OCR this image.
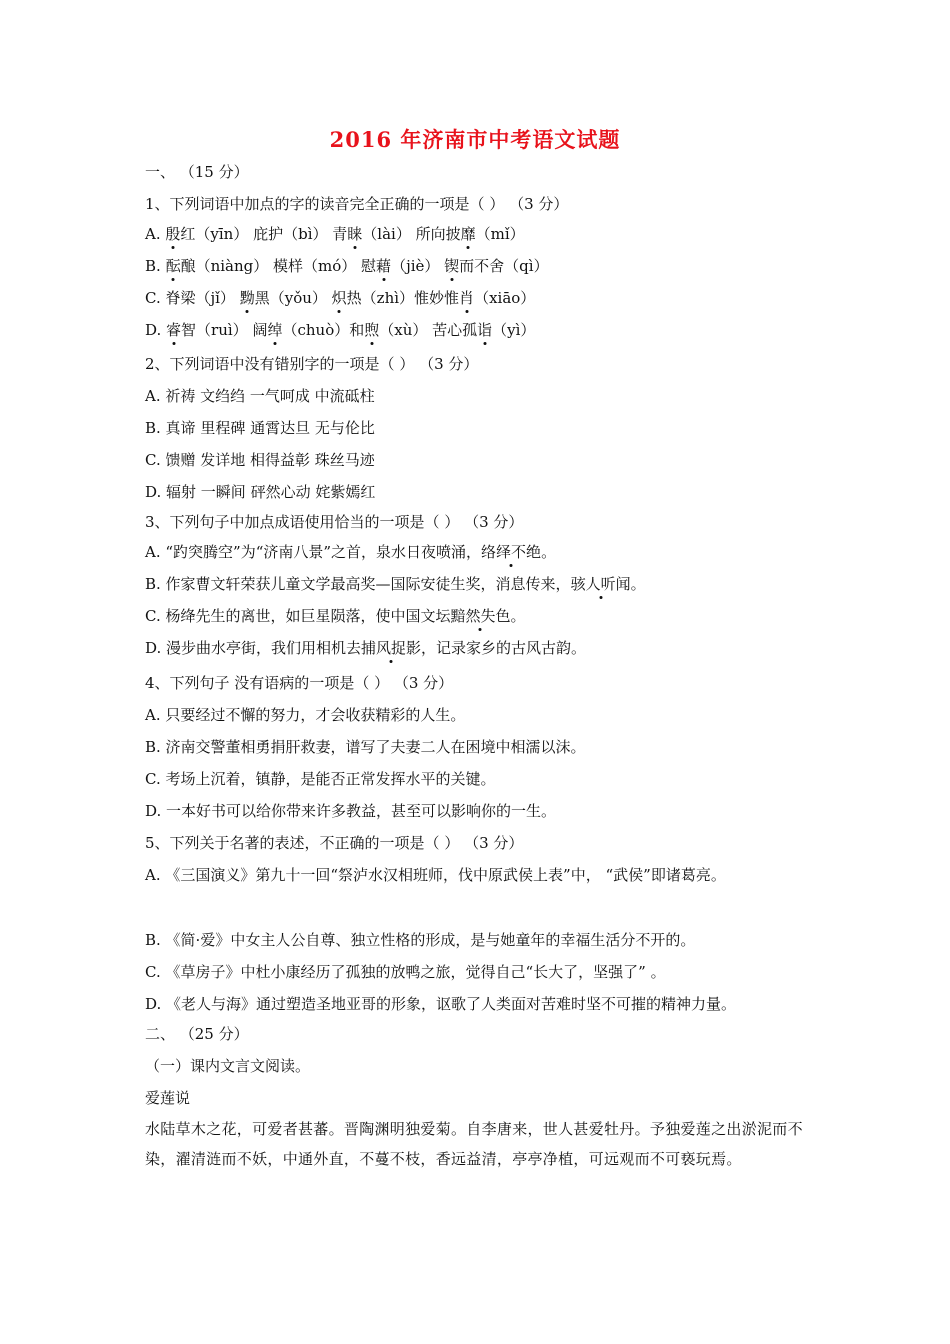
2016 年济南市中考语文试题
一、 （15 分）
1、下列词语中加点的字的读音完全正确的一项是（ ） （3 分）
A. 殷红（yīn） 庇护（bì） 青睐（lài） 所向披靡（mǐ）
B. 酝酿（niàng） 模样（mó） 慰藉（jiè） 锲而不舍（qì）
C. 脊梁（jǐ） 黝黑（yǒu） 炽热（zhì）惟妙惟肖（xiāo）
D. 睿智（ruì） 阔绰（chuò）和煦（xù） 苦心孤诣（yì）
2、下列词语中没有错别字的一项是（ ） （3 分）
A. 祈祷 文绉绉 一气呵成 中流砥柱
B. 真谛 里程碑 通霄达旦 无与伦比
C. 馈赠 发详地 相得益彰 珠丝马迹
D. 辐射 一瞬间 砰然心动 姹紫嫣红
3、下列句子中加点成语使用恰当的一项是（ ） （3 分）
A. “趵突腾空”为“济南八景”之首，泉水日夜喷涌，络绎不绝。
B. 作家曹文轩荣获儿童文学最高奖—国际安徒生奖，消息传来，骇人听闻。
C. 杨绛先生的离世，如巨星陨落，使中国文坛黯然失色。
D. 漫步曲水亭街，我们用相机去捕风捉影，记录家乡的古风古韵。
4、下列句子 没有语病的一项是（ ） （3 分）
A. 只要经过不懈的努力，才会收获精彩的人生。
B. 济南交警董相勇捐肝救妻，谱写了夫妻二人在困境中相濡以沫。
C. 考场上沉着，镇静，是能否正常发挥水平的关键。
D. 一本好书可以给你带来许多教益，甚至可以影响你的一生。
5、下列关于名著的表述，不正确的一项是（ ） （3 分）
A. 《三国演义》第九十一回“祭泸水汉相班师，伐中原武侯上表”中， “武侯”即诸葛亮。
B. 《简·爱》中女主人公自尊、独立性格的形成，是与她童年的幸福生活分不开的。
C. 《草房子》中杜小康经历了孤独的放鸭之旅，觉得自己“长大了，坚强了” 。
D. 《老人与海》通过塑造圣地亚哥的形象，讴歌了人类面对苦难时坚不可摧的精神力量。
二、 （25 分）
（一）课内文言文阅读。
爱莲说
水陆草木之花，可爱者甚蕃。晋陶渊明独爱菊。自李唐来，世人甚爱牡丹。予独爱莲之出淤泥而不染，濯清涟而不妖，中通外直，不蔓不枝，香远益清，亭亭净植，可远观而不可亵玩焉。
